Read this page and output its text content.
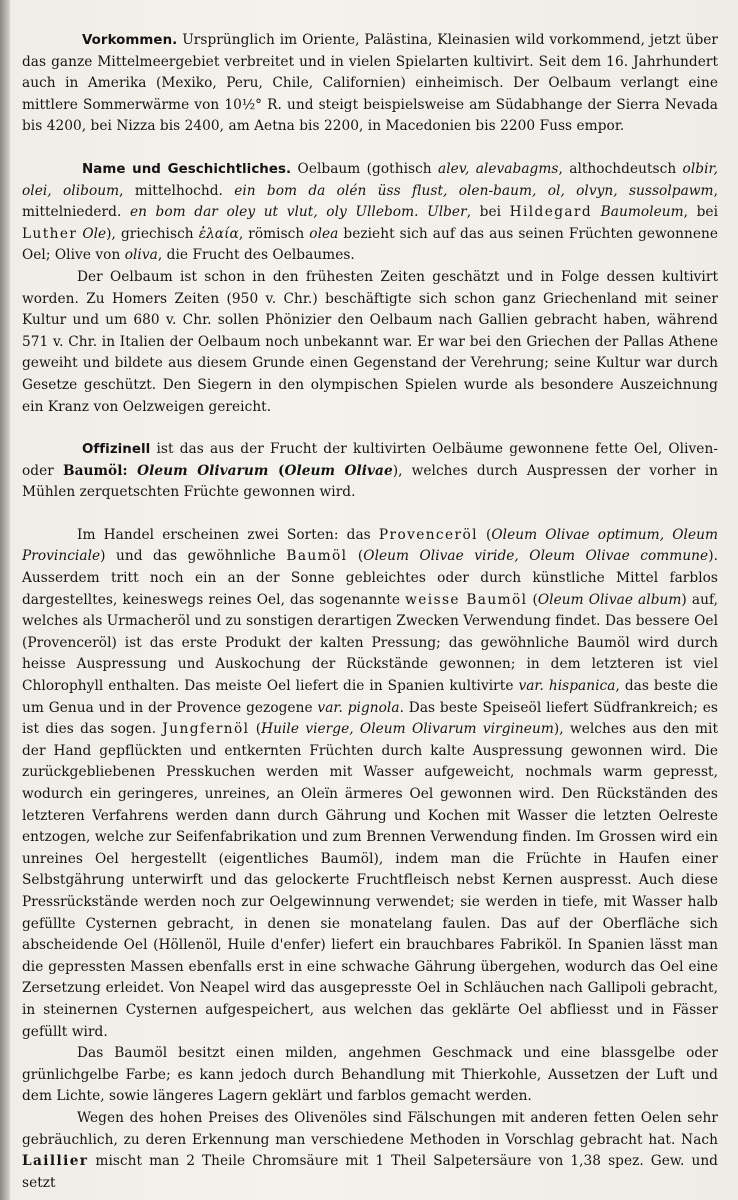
Vorkommen. Ursprünglich im Oriente, Palästina, Kleinasien wild vorkommend, jetzt über das ganze Mittelmeergebiet verbreitet und in vielen Spielarten kultivirt. Seit dem 16. Jahrhundert auch in Amerika (Mexiko, Peru, Chile, Californien) einheimisch. Der Oelbaum verlangt eine mittlere Sommerwärme von 10½° R. und steigt beispielsweise am Südabhange der Sierra Nevada bis 4200, bei Nizza bis 2400, am Aetna bis 2200, in Macedonien bis 2200 Fuss empor.

Name und Geschichtliches. Oelbaum (gothisch alev, alevabagms, althochdeutsch olbir, olei, oliboum, mittelhochd. ein bom da olén üss flust, olen-baum, ol, olvyn, sussolpawm, mittelniederd. en bom dar oley ut vlut, oly Ullebom. Ulber, bei Hildegard Baumoleum, bei Luther Ole), griechisch ἐλαία, römisch olea bezieht sich auf das aus seinen Früchten gewonnene Oel; Olive von oliva, die Frucht des Oelbaumes.

Der Oelbaum ist schon in den frühesten Zeiten geschätzt und in Folge dessen kultivirt worden. Zu Homers Zeiten (950 v. Chr.) beschäftigte sich schon ganz Griechenland mit seiner Kultur und um 680 v. Chr. sollen Phönizier den Oelbaum nach Gallien gebracht haben, während 571 v. Chr. in Italien der Oelbaum noch unbekannt war. Er war bei den Griechen der Pallas Athene geweiht und bildete aus diesem Grunde einen Gegenstand der Verehrung; seine Kultur war durch Gesetze geschützt. Den Siegern in den olympischen Spielen wurde als besondere Auszeichnung ein Kranz von Oelzweigen gereicht.

Offizinell ist das aus der Frucht der kultivirten Oelbäume gewonnene fette Oel, Oliven- oder Baumöl: Oleum Olivarum (Oleum Olivae), welches durch Auspressen der vorher in Mühlen zerquetschten Früchte gewonnen wird.

Im Handel erscheinen zwei Sorten: das Provenceröl (Oleum Olivae optimum, Oleum Provinciale) und das gewöhnliche Baumöl (Oleum Olivae viride, Oleum Olivae commune). Ausserdem tritt noch ein an der Sonne gebleichtes oder durch künstliche Mittel farblos dargestelltes, keineswegs reines Oel, das sogenannte weisse Baumöl (Oleum Olivae album) auf, welches als Urmacheröl und zu sonstigen derartigen Zwecken Verwendung findet. Das bessere Oel (Provenceröl) ist das erste Produkt der kalten Pressung; das gewöhnliche Baumöl wird durch heisse Auspressung und Auskochung der Rückstände gewonnen; in dem letzteren ist viel Chlorophyll enthalten. Das meiste Oel liefert die in Spanien kultivirte var. hispanica, das beste die um Genua und in der Provence gezogene var. pignola. Das beste Speiseöl liefert Südfrankreich; es ist dies das sogen. Jungfernöl (Huile vierge, Oleum Olivarum virgineum), welches aus den mit der Hand gepflückten und entkernten Früchten durch kalte Auspressung gewonnen wird. Die zurückgebliebenen Presskuchen werden mit Wasser aufgeweicht, nochmals warm gepresst, wodurch ein geringeres, unreines, an Oleïn ärmeres Oel gewonnen wird. Den Rückständen des letzteren Verfahrens werden dann durch Gährung und Kochen mit Wasser die letzten Oelreste entzogen, welche zur Seifenfabrikation und zum Brennen Verwendung finden. Im Grossen wird ein unreines Oel hergestellt (eigentliches Baumöl), indem man die Früchte in Haufen einer Selbstgährung unterwirft und das gelockerte Fruchtfleisch nebst Kernen auspresst. Auch diese Pressrückstände werden noch zur Oelgewinnung verwendet; sie werden in tiefe, mit Wasser halb gefüllte Cysternen gebracht, in denen sie monatelang faulen. Das auf der Oberfläche sich abscheidende Oel (Höllenöl, Huile d'enfer) liefert ein brauchbares Fabriköl. In Spanien lässt man die gepressten Massen ebenfalls erst in eine schwache Gährung übergehen, wodurch das Oel eine Zersetzung erleidet. Von Neapel wird das ausgepresste Oel in Schläuchen nach Gallipoli gebracht, in steinernen Cysternen aufgespeichert, aus welchen das geklärte Oel abfliesst und in Fässer gefüllt wird.

Das Baumöl besitzt einen milden, angehmen Geschmack und eine blassgelbe oder grünlichgelbe Farbe; es kann jedoch durch Behandlung mit Thierkohle, Aussetzen der Luft und dem Lichte, sowie längeres Lagern geklärt und farblos gemacht werden.

Wegen des hohen Preises des Olivenöles sind Fälschungen mit anderen fetten Oelen sehr gebräuchlich, zu deren Erkennung man verschiedene Methoden in Vorschlag gebracht hat. Nach Laillier mischt man 2 Theile Chromsäure mit 1 Theil Salpetersäure von 1,38 spez. Gew. und setzt
